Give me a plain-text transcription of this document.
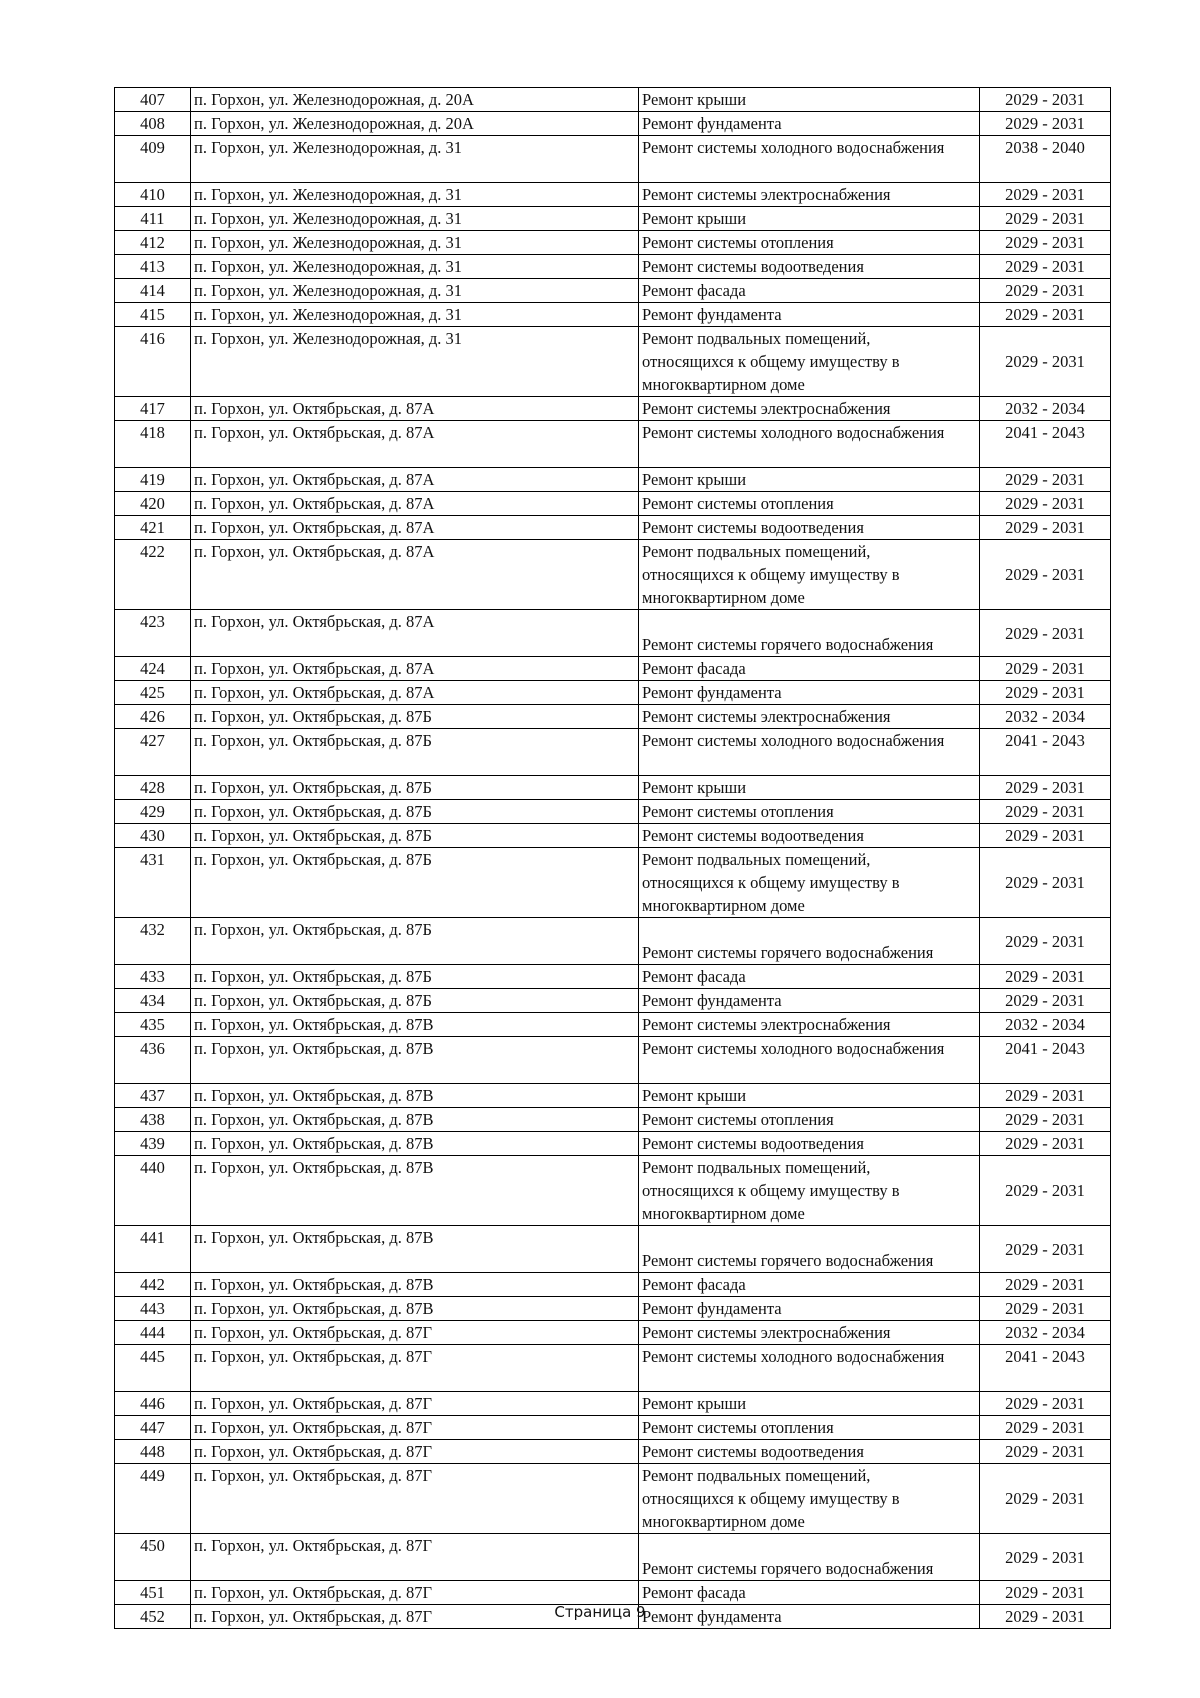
407	п. Горхон, ул. Железнодорожная, д. 20А	Ремонт крыши	2029 - 2031
408	п. Горхон, ул. Железнодорожная, д. 20А	Ремонт фундамента	2029 - 2031
409	п. Горхон, ул. Железнодорожная, д. 31	Ремонт системы холодного водоснабжения	2038 - 2040
410	п. Горхон, ул. Железнодорожная, д. 31	Ремонт системы электроснабжения	2029 - 2031
411	п. Горхон, ул. Железнодорожная, д. 31	Ремонт крыши	2029 - 2031
412	п. Горхон, ул. Железнодорожная, д. 31	Ремонт системы отопления	2029 - 2031
413	п. Горхон, ул. Железнодорожная, д. 31	Ремонт системы водоотведения	2029 - 2031
414	п. Горхон, ул. Железнодорожная, д. 31	Ремонт фасада	2029 - 2031
415	п. Горхон, ул. Железнодорожная, д. 31	Ремонт фундамента	2029 - 2031
416	п. Горхон, ул. Железнодорожная, д. 31	Ремонт подвальных помещений,
относящихся к общему имуществу в
многоквартирном доме	2029 - 2031
417	п. Горхон, ул. Октябрьская, д. 87А	Ремонт системы электроснабжения	2032 - 2034
418	п. Горхон, ул. Октябрьская, д. 87А	Ремонт системы холодного водоснабжения	2041 - 2043
419	п. Горхон, ул. Октябрьская, д. 87А	Ремонт крыши	2029 - 2031
420	п. Горхон, ул. Октябрьская, д. 87А	Ремонт системы отопления	2029 - 2031
421	п. Горхон, ул. Октябрьская, д. 87А	Ремонт системы водоотведения	2029 - 2031
422	п. Горхон, ул. Октябрьская, д. 87А	Ремонт подвальных помещений,
относящихся к общему имуществу в
многоквартирном доме	2029 - 2031
423	п. Горхон, ул. Октябрьская, д. 87А	Ремонт системы горячего водоснабжения	2029 - 2031
424	п. Горхон, ул. Октябрьская, д. 87А	Ремонт фасада	2029 - 2031
425	п. Горхон, ул. Октябрьская, д. 87А	Ремонт фундамента	2029 - 2031
426	п. Горхон, ул. Октябрьская, д. 87Б	Ремонт системы электроснабжения	2032 - 2034
427	п. Горхон, ул. Октябрьская, д. 87Б	Ремонт системы холодного водоснабжения	2041 - 2043
428	п. Горхон, ул. Октябрьская, д. 87Б	Ремонт крыши	2029 - 2031
429	п. Горхон, ул. Октябрьская, д. 87Б	Ремонт системы отопления	2029 - 2031
430	п. Горхон, ул. Октябрьская, д. 87Б	Ремонт системы водоотведения	2029 - 2031
431	п. Горхон, ул. Октябрьская, д. 87Б	Ремонт подвальных помещений,
относящихся к общему имуществу в
многоквартирном доме	2029 - 2031
432	п. Горхон, ул. Октябрьская, д. 87Б	Ремонт системы горячего водоснабжения	2029 - 2031
433	п. Горхон, ул. Октябрьская, д. 87Б	Ремонт фасада	2029 - 2031
434	п. Горхон, ул. Октябрьская, д. 87Б	Ремонт фундамента	2029 - 2031
435	п. Горхон, ул. Октябрьская, д. 87В	Ремонт системы электроснабжения	2032 - 2034
436	п. Горхон, ул. Октябрьская, д. 87В	Ремонт системы холодного водоснабжения	2041 - 2043
437	п. Горхон, ул. Октябрьская, д. 87В	Ремонт крыши	2029 - 2031
438	п. Горхон, ул. Октябрьская, д. 87В	Ремонт системы отопления	2029 - 2031
439	п. Горхон, ул. Октябрьская, д. 87В	Ремонт системы водоотведения	2029 - 2031
440	п. Горхон, ул. Октябрьская, д. 87В	Ремонт подвальных помещений,
относящихся к общему имуществу в
многоквартирном доме	2029 - 2031
441	п. Горхон, ул. Октябрьская, д. 87В	Ремонт системы горячего водоснабжения	2029 - 2031
442	п. Горхон, ул. Октябрьская, д. 87В	Ремонт фасада	2029 - 2031
443	п. Горхон, ул. Октябрьская, д. 87В	Ремонт фундамента	2029 - 2031
444	п. Горхон, ул. Октябрьская, д. 87Г	Ремонт системы электроснабжения	2032 - 2034
445	п. Горхон, ул. Октябрьская, д. 87Г	Ремонт системы холодного водоснабжения	2041 - 2043
446	п. Горхон, ул. Октябрьская, д. 87Г	Ремонт крыши	2029 - 2031
447	п. Горхон, ул. Октябрьская, д. 87Г	Ремонт системы отопления	2029 - 2031
448	п. Горхон, ул. Октябрьская, д. 87Г	Ремонт системы водоотведения	2029 - 2031
449	п. Горхон, ул. Октябрьская, д. 87Г	Ремонт подвальных помещений,
относящихся к общему имуществу в
многоквартирном доме	2029 - 2031
450	п. Горхон, ул. Октябрьская, д. 87Г	Ремонт системы горячего водоснабжения	2029 - 2031
451	п. Горхон, ул. Октябрьская, д. 87Г	Ремонт фасада	2029 - 2031
452	п. Горхон, ул. Октябрьская, д. 87Г	Ремонт фундамента	2029 - 2031
Страница 9
